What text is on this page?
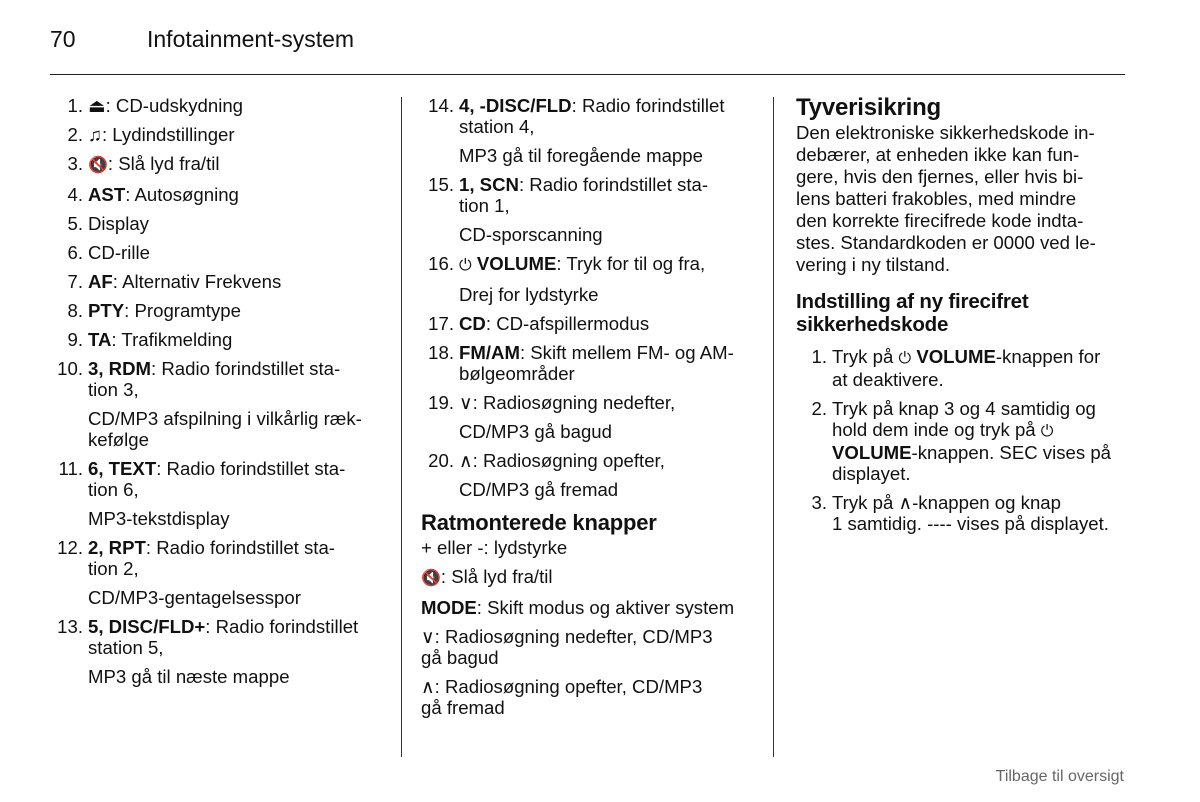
70	Infotainment-system
1. ⏏: CD-udskydning
2. ♫: Lydindstillinger
3. 🔇: Slå lyd fra/til
4. AST: Autosøgning
5. Display
6. CD-rille
7. AF: Alternativ Frekvens
8. PTY: Programtype
9. TA: Trafikmelding
10. 3, RDM: Radio forindstillet sta-
tion 3,
CD/MP3 afspilning i vilkårlig ræk-
kefølge
11. 6, TEXT: Radio forindstillet sta-
tion 6,
MP3-tekstdisplay
12. 2, RPT: Radio forindstillet sta-
tion 2,
CD/MP3-gentagelsesspor
13. 5, DISC/FLD+: Radio forindstillet
station 5,
MP3 gå til næste mappe
14. 4, -DISC/FLD: Radio forindstillet
station 4,
MP3 gå til foregående mappe
15. 1, SCN: Radio forindstillet sta-
tion 1,
CD-sporscanning
16. ⏻ VOLUME: Tryk for til og fra,
Drej for lydstyrke
17. CD: CD-afspillermodus
18. FM/AM: Skift mellem FM- og AM-
bølgeområder
19. ∨: Radiosøgning nedefter,
CD/MP3 gå bagud
20. ∧: Radiosøgning opefter,
CD/MP3 gå fremad
Ratmonterede knapper
+ eller -: lydstyrke
🔇: Slå lyd fra/til
MODE: Skift modus og aktiver system
∨: Radiosøgning nedefter, CD/MP3
gå bagud
∧: Radiosøgning opefter, CD/MP3
gå fremad
Tyverisikring
Den elektroniske sikkerhedskode in-
debærer, at enheden ikke kan fun-
gere, hvis den fjernes, eller hvis bi-
lens batteri frakobles, med mindre
den korrekte firecifrede kode indta-
stes. Standardkoden er 0000 ved le-
vering i ny tilstand.
Indstilling af ny firecifret
sikkerhedskode
1. Tryk på ⏻ VOLUME-knappen for
at deaktivere.
2. Tryk på knap 3 og 4 samtidig og
hold dem inde og tryk på ⏻
VOLUME-knappen. SEC vises på
displayet.
3. Tryk på ∧-knappen og knap
1 samtidig. ---- vises på displayet.
Tilbage til oversigt
